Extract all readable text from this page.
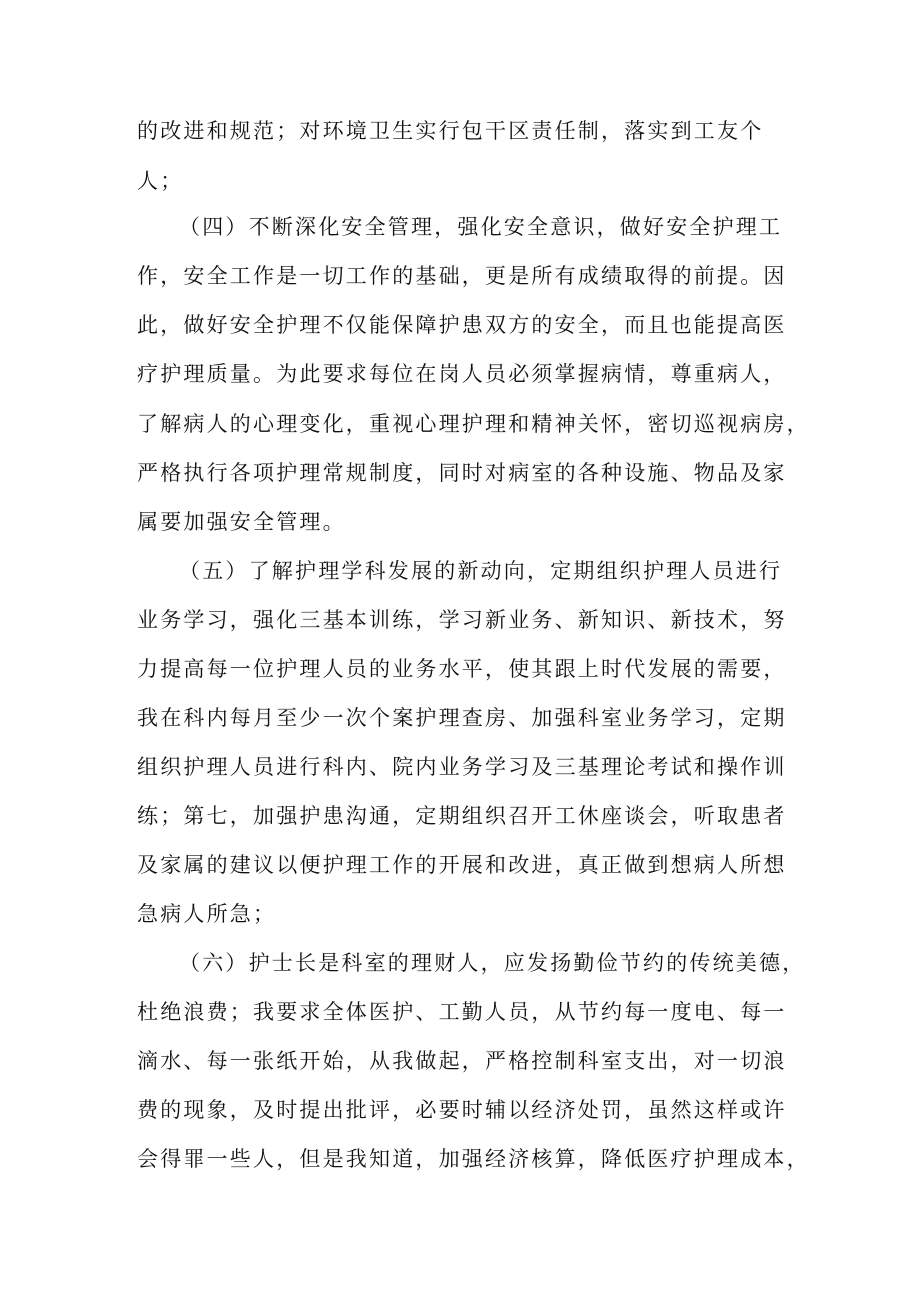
的改进和规范；对环境卫生实行包干区责任制，落实到工友个
人；
（四）不断深化安全管理，强化安全意识，做好安全护理工
作，安全工作是一切工作的基础，更是所有成绩取得的前提。因
此，做好安全护理不仅能保障护患双方的安全，而且也能提高医
疗护理质量。为此要求每位在岗人员必须掌握病情，尊重病人，
了解病人的心理变化，重视心理护理和精神关怀，密切巡视病房，
严格执行各项护理常规制度，同时对病室的各种设施、物品及家
属要加强安全管理。
（五）了解护理学科发展的新动向，定期组织护理人员进行
业务学习，强化三基本训练，学习新业务、新知识、新技术，努
力提高每一位护理人员的业务水平，使其跟上时代发展的需要，
我在科内每月至少一次个案护理查房、加强科室业务学习，定期
组织护理人员进行科内、院内业务学习及三基理论考试和操作训
练；第七，加强护患沟通，定期组织召开工休座谈会，听取患者
及家属的建议以便护理工作的开展和改进，真正做到想病人所想
急病人所急；
（六）护士长是科室的理财人，应发扬勤俭节约的传统美德，
杜绝浪费；我要求全体医护、工勤人员，从节约每一度电、每一
滴水、每一张纸开始，从我做起，严格控制科室支出，对一切浪
费的现象，及时提出批评，必要时辅以经济处罚，虽然这样或许
会得罪一些人，但是我知道，加强经济核算，降低医疗护理成本，
